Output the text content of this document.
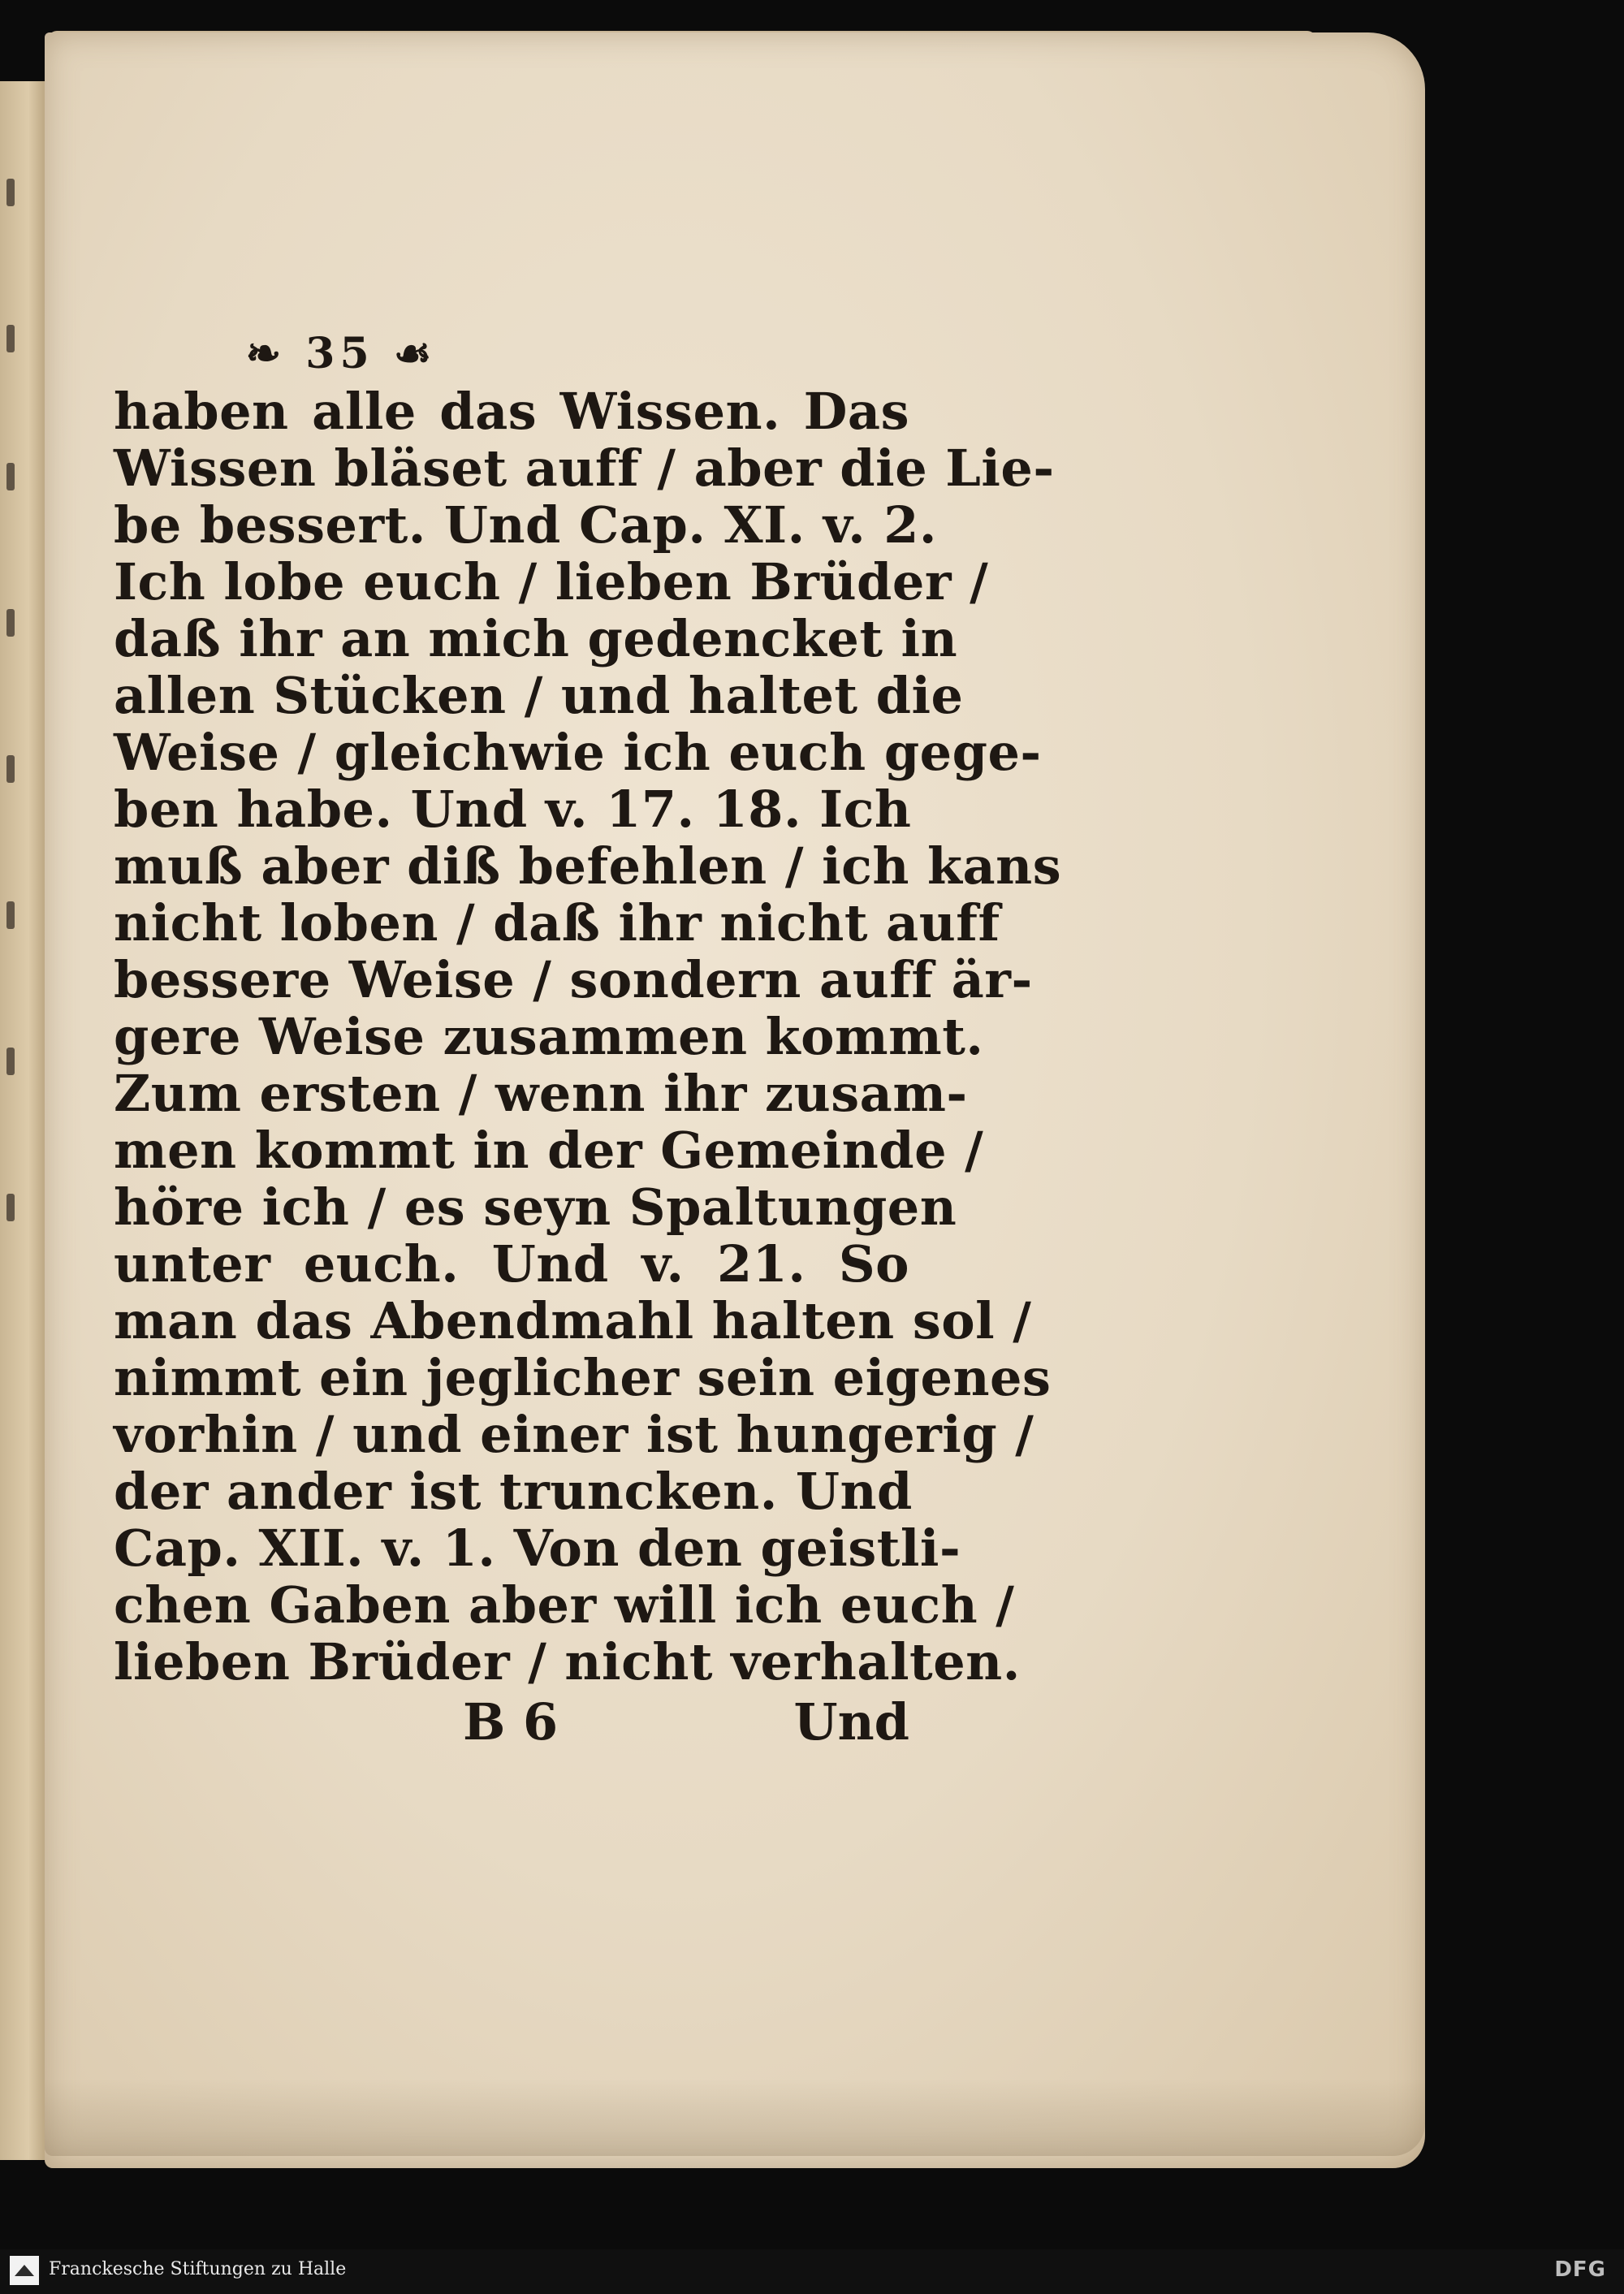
❧ 35 ☙
haben alle das Wissen. Das
Wissen bläset auff / aber die Lie-
be bessert. Und Cap. XI. v. 2.
Ich lobe euch / lieben Brüder /
daß ihr an mich gedencket in
allen Stücken / und haltet die
Weise / gleichwie ich euch gege-
ben habe. Und v. 17. 18. Ich
muß aber diß befehlen / ich kans
nicht loben / daß ihr nicht auff
bessere Weise / sondern auff är-
gere Weise zusammen kommt.
Zum ersten / wenn ihr zusam-
men kommt in der Gemeinde /
höre ich / es seyn Spaltungen
unter euch. Und v. 21. So
man das Abendmahl halten sol /
nimmt ein jeglicher sein eigenes
vorhin / und einer ist hungerig /
der ander ist truncken. Und
Cap. XII. v. 1. Von den geistli-
chen Gaben aber will ich euch /
lieben Brüder / nicht verhalten.
B 6	Und
Franckesche Stiftungen zu Halle	DFG
